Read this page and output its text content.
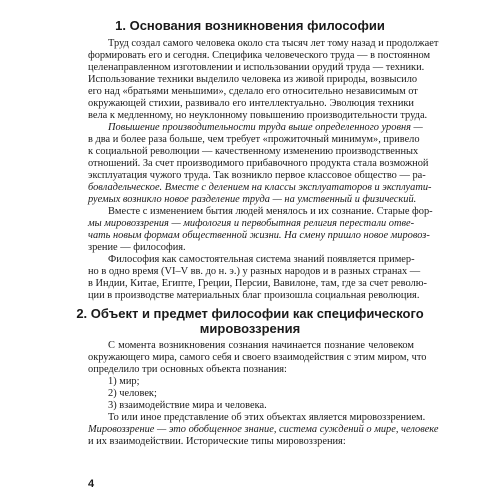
1. Основания возникновения философии
Труд создал самого человека около ста тысяч лет тому назад и продолжает
формировать его и сегодня. Специфика человеческого труда — в постоянном
целенаправленном изготовлении и использовании орудий труда — техники.
Использование техники выделило человека из живой природы, возвысило
его над «братьями меньшими», сделало его относительно независимым от
окружающей стихии, развивало его интеллектуально. Эволюция техники
вела к медленному, но неуклонному повышению производительности труда.
Повышение производительности труда выше определенного уровня —
в два и более раза больше, чем требует «прожиточный минимум», привело
к социальной революции — качественному изменению производственных
отношений. За счет производимого прибавочного продукта стала возможной
эксплуатация чужого труда. Так возникло первое классовое общество — ра-
бовладельческое. Вместе с делением на классы эксплуататоров и эксплуати-
руемых возникло новое разделение труда — на умственный и физический.
Вместе с изменением бытия людей менялось и их сознание. Старые фор-
мы мировоззрения — мифология и первобытная религия перестали отве-
чать новым формам общественной жизни. На смену пришло новое мировоз-
зрение — философия.
Философия как самостоятельная система знаний появляется пример-
но в одно время (VI–V вв. до н. э.) у разных народов и в разных странах —
в Индии, Китае, Египте, Греции, Персии, Вавилоне, там, где за счет револю-
ции в производстве материальных благ произошла социальная революция.
2. Объект и предмет философии как специфического
мировоззрения
С момента возникновения сознания начинается познание человеком
окружающего мира, самого себя и своего взаимодействия с этим миром, что
определило три основных объекта познания:
1) мир;
2) человек;
3) взаимодействие мира и человека.
То или иное представление об этих объектах является мировоззрением.
Мировоззрение — это обобщенное знание, система суждений о мире, человеке
и их взаимодействии. Исторические типы мировоззрения:
4
